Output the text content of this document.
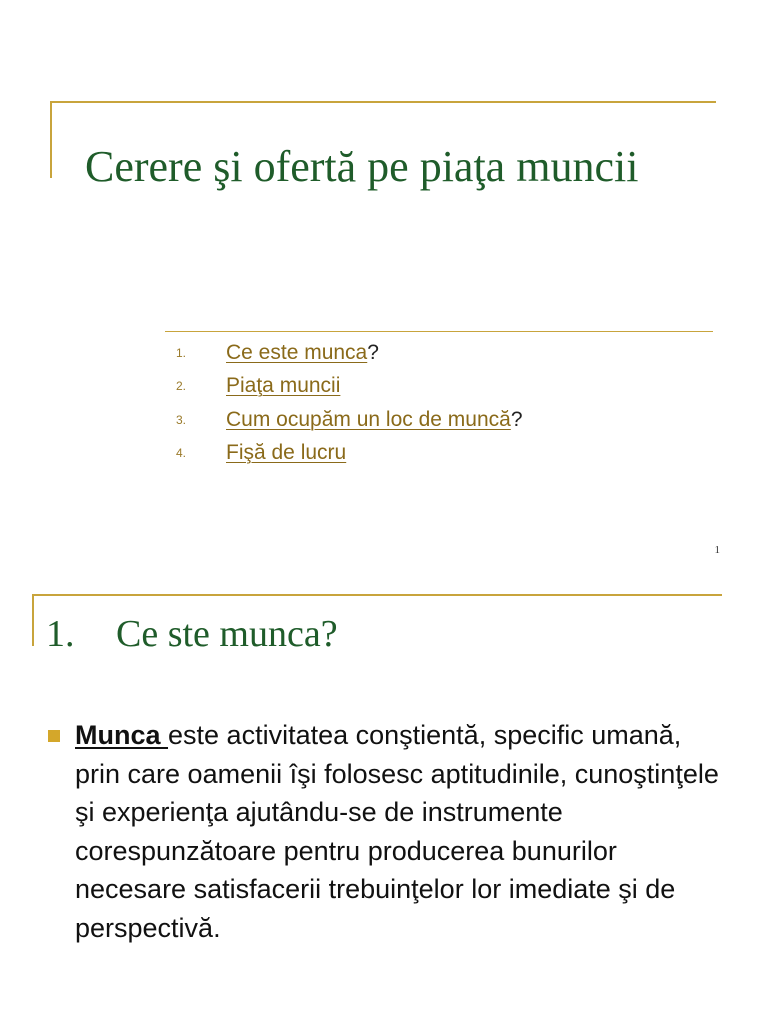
Cerere şi ofertă pe piaţa muncii
1.	Ce este munca ?
2.	Piaţa muncii
3.	Cum ocupăm un loc de muncă ?
4.	Fişă de lucru
1
1. Ce ste munca?

Munca este activitatea conştientă, specific umană, prin care oamenii îşi folosesc aptitudinile, cunoştinţele şi experienţa ajutându-se de instrumente corespunzătoare pentru producerea bunurilor necesare satisfacerii trebuinţelor lor imediate şi de perspectivă.
